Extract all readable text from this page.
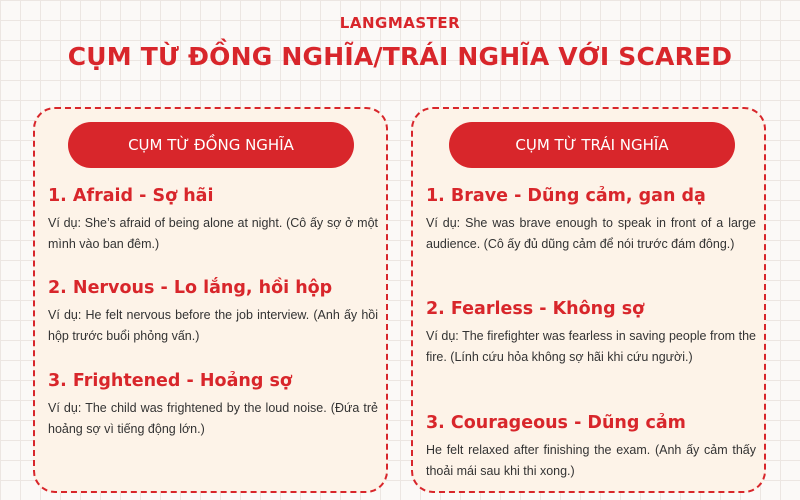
LANGMASTER
CỤM TỪ ĐỒNG NGHĨA/TRÁI NGHĨA VỚI SCARED
CỤM TỪ ĐỒNG NGHĨA
1. Afraid - Sợ hãi
Ví dụ: She’s afraid of being alone at night. (Cô ấy sợ ở một mình vào ban đêm.)
2. Nervous - Lo lắng, hồi hộp
Ví dụ: He felt nervous before the job interview. (Anh ấy hồi hộp trước buổi phỏng vấn.)
3. Frightened - Hoảng sợ
Ví dụ: The child was frightened by the loud noise. (Đứa trẻ hoảng sợ vì tiếng động lớn.)
CỤM TỪ TRÁI NGHĨA
1. Brave - Dũng cảm, gan dạ
Ví dụ: She was brave enough to speak in front of a large audience. (Cô ấy đủ dũng cảm để nói trước đám đông.)
2. Fearless - Không sợ
Ví dụ: The firefighter was fearless in saving people from the fire. (Lính cứu hỏa không sợ hãi khi cứu người.)
3. Courageous - Dũng cảm
He felt relaxed after finishing the exam. (Anh ấy cảm thấy thoải mái sau khi thi xong.)
